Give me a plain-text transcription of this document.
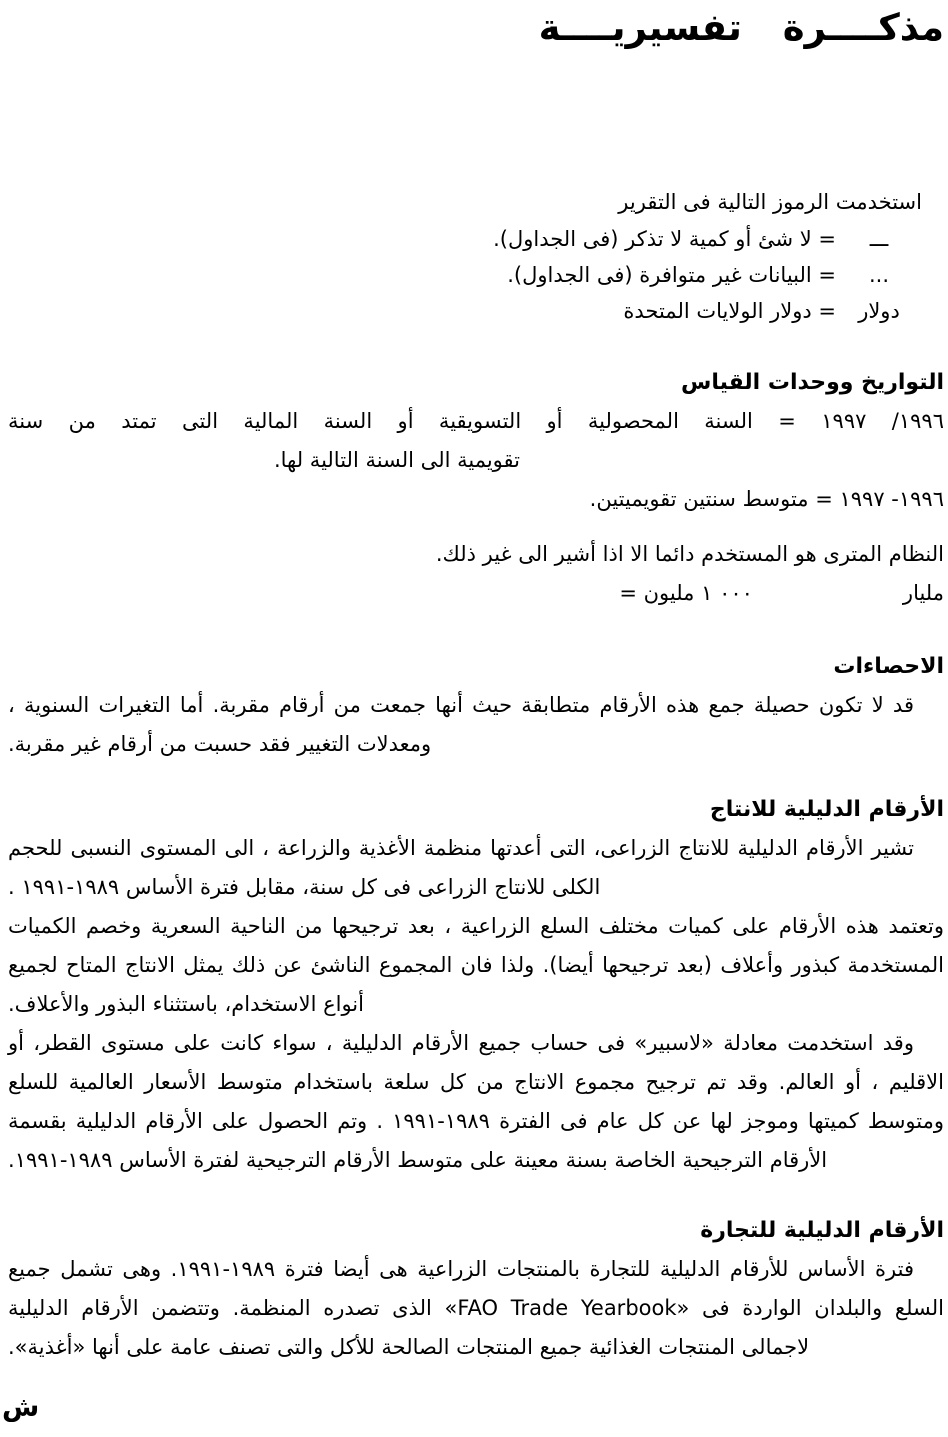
مذكــــرة تفسيريــــة
استخدمت الرموز التالية فى التقرير
ـــ
= لا شئ أو كمية لا تذكر (فى الجداول).
...
= البيانات غير متوافرة (فى الجداول).
دولار
= دولار الولايات المتحدة
التواريخ ووحدات القياس
١٩٩٦/ ١٩٩٧ = السنة المحصولية أو التسويقية أو السنة المالية التى تمتد من سنة
تقويمية الى السنة التالية لها.
١٩٩٦- ١٩٩٧ = متوسط سنتين تقويميتين.
النظام المترى هو المستخدم دائما الا اذا أشير الى غير ذلك.
مليار
= ٠٠٠ ١ مليون
الاحصاءات

قد لا تكون حصيلة جمع هذه الأرقام متطابقة حيث أنها جمعت من أرقام مقربة. أما التغيرات السنوية ، ومعدلات التغيير فقد حسبت من أرقام غير مقربة.

الأرقام الدليلية للانتاج

تشير الأرقام الدليلية للانتاج الزراعى، التى أعدتها منظمة الأغذية والزراعة ، الى المستوى النسبى للحجم الكلى للانتاج الزراعى فى كل سنة، مقابل فترة الأساس ١٩٨٩-١٩٩١ .

وتعتمد هذه الأرقام على كميات مختلف السلع الزراعية ، بعد ترجيحها من الناحية السعرية وخصم الكميات المستخدمة كبذور وأعلاف (بعد ترجيحها أيضا). ولذا فان المجموع الناشئ عن ذلك يمثل الانتاج المتاح لجميع أنواع الاستخدام، باستثناء البذور والأعلاف.

وقد استخدمت معادلة «لاسبير» فى حساب جميع الأرقام الدليلية ، سواء كانت على مستوى القطر، أو الاقليم ، أو العالم. وقد تم ترجيح مجموع الانتاج من كل سلعة باستخدام متوسط الأسعار العالمية للسلع ومتوسط كميتها وموجز لها عن كل عام فى الفترة ١٩٨٩-١٩٩١ . وتم الحصول على الأرقام الدليلية بقسمة الأرقام الترجيحية الخاصة بسنة معينة على متوسط الأرقام الترجيحية لفترة الأساس ١٩٨٩-١٩٩١.

الأرقام الدليلية للتجارة

فترة الأساس للأرقام الدليلية للتجارة بالمنتجات الزراعية هى أيضا فترة ١٩٨٩-١٩٩١. وهى تشمل جميع السلع والبلدان الواردة فى «FAO Trade Yearbook» الذى تصدره المنظمة. وتتضمن الأرقام الدليلية لاجمالى المنتجات الغذائية جميع المنتجات الصالحة للأكل والتى تصنف عامة على أنها «أغذية».

ش
